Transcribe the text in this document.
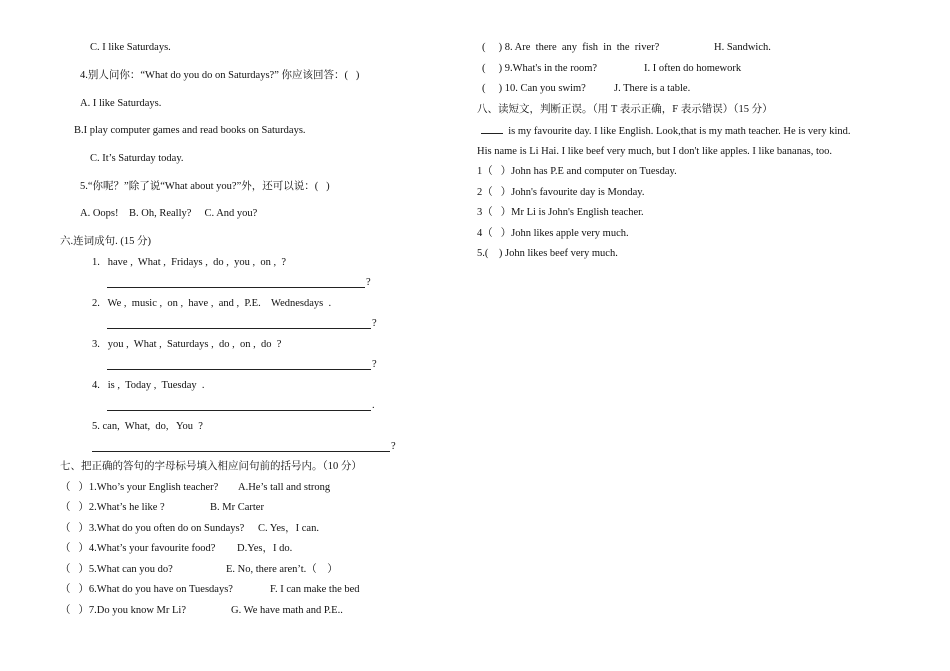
C. I like Saturdays.
4.别人问你：“What do you do on Saturdays?” 你应该回答：(   )
A. I like Saturdays.
B.I play computer games and read books on Saturdays.
C. It’s Saturday today.
5.“你呢？”除了说“What about you?”外，还可以说：(   )
A. Oops!    B. Oh, Really?     C. And you?
六.连词成句. (15 分)
1.   have ,  What ,  Fridays ,  do ,  you ,  on ,  ?
?
2.   We ,  music ,  on ,  have ,  and ,  P.E.    Wednesdays  .
?
3.   you ,  What ,  Saturdays ,  do ,  on ,  do  ?
?
4.   is ,  Today ,  Tuesday  .
.
5. can,  What,  do,   You  ?
?
七、把正确的答句的字母标号填入相应问句前的括号内。（10 分）
（   ）1.Who’s your English teacher? A.He’s tall and strong
（   ）2.What’s he like ?	B. Mr Carter
（   ）3.What do you often do on Sundays? C. Yes，I can.
（   ）4.What’s your favourite food? D.Yes，I do.
（   ）5.What can you do?	E. No, there aren’t.（    ）
（   ）6.What do you have on Tuesdays?	F. I can make the bed
（   ）7.Do you know Mr Li?	G. We have math and P.E..
(     ) 8. Are  there  any  fish  in  the  river?	H. Sandwich.
(     ) 9.What's in the room?	I. I often do homework
(     ) 10. Can you swim?	J. There is a table.
八、读短文，判断正误。（用 T 表示正确，F 表示错误）（15 分）
is my favourite day. I like English. Look,that is my math teacher. He is very kind.
His name is Li Hai. I like beef very much, but I don't like apples. I like bananas, too.
1（   ）John has P.E and computer on Tuesday.
2（   ）John's favourite day is Monday.
3（   ）Mr Li is John's English teacher.
4（   ）John likes apple very much.
5.(    ) John likes beef very much.
